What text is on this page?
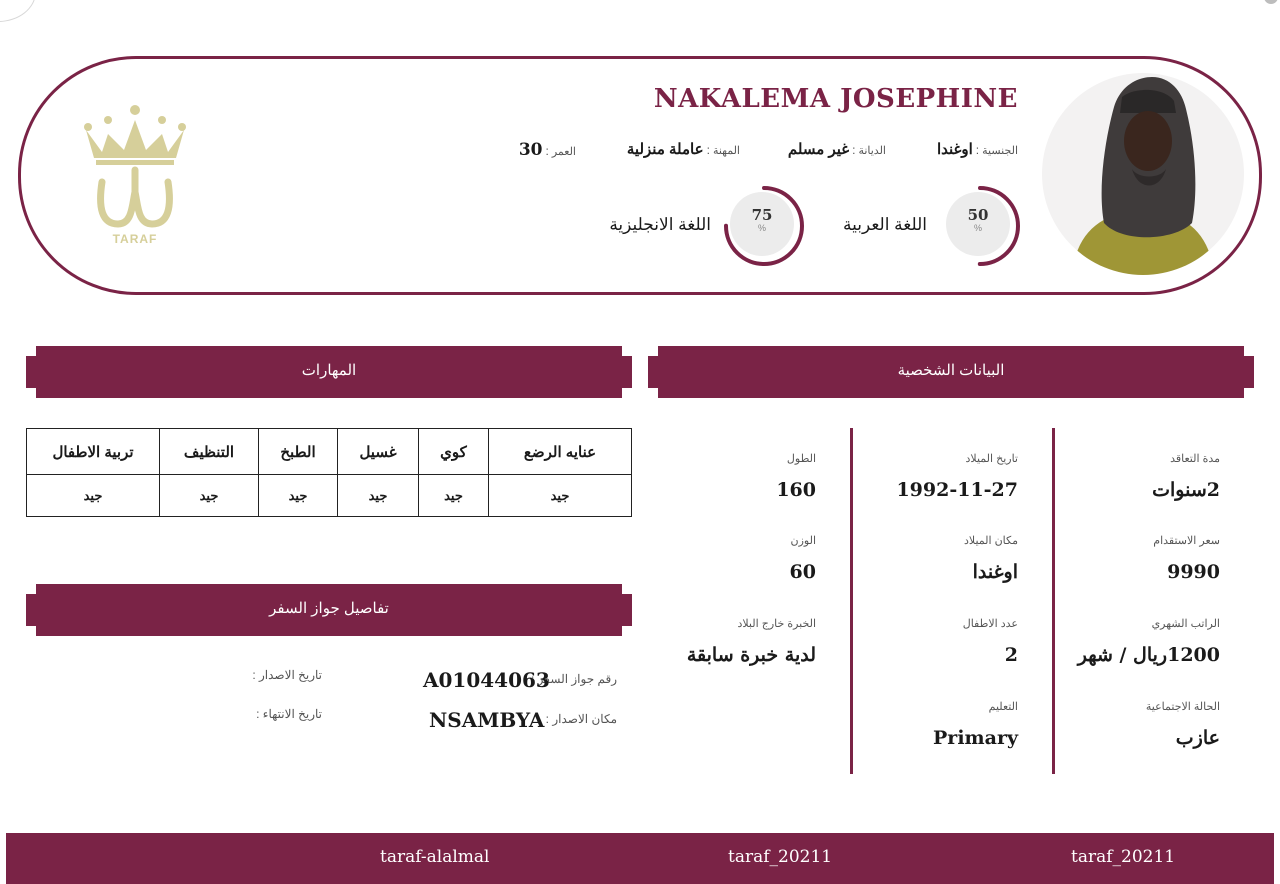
TARAF
NAKALEMA JOSEPHINE
الجنسية:اوغندا
الديانة:غير مسلم
المهنة:عاملة منزلية
العمر:30
50
%
اللغة العربية
75
%
اللغة الانجليزية
البيانات الشخصية
المهارات
تفاصيل جواز السفر
مدة التعاقد
2سنوات
سعر الاستقدام
9990
الراتب الشهري
1200ريال / شهر
الحالة الاجتماعية
عازب
تاريخ الميلاد
1992-11-27
مكان الميلاد
اوغندا
عدد الاطفال
2
التعليم
Primary
الطول
160
الوزن
60
الخبرة خارج البلاد
لدية خبرة سابقة
عنايه الرضع	كوي	غسيل	الطبخ	التنظيف	تربية الاطفال
جيد	جيد	جيد	جيد	جيد	جيد
رقم جواز السفر :
A01044063
مكان الاصدار :
NSAMBYA
تاريخ الاصدار :
تاريخ الانتهاء :
taraf-alalmal	taraf_20211	taraf_20211
